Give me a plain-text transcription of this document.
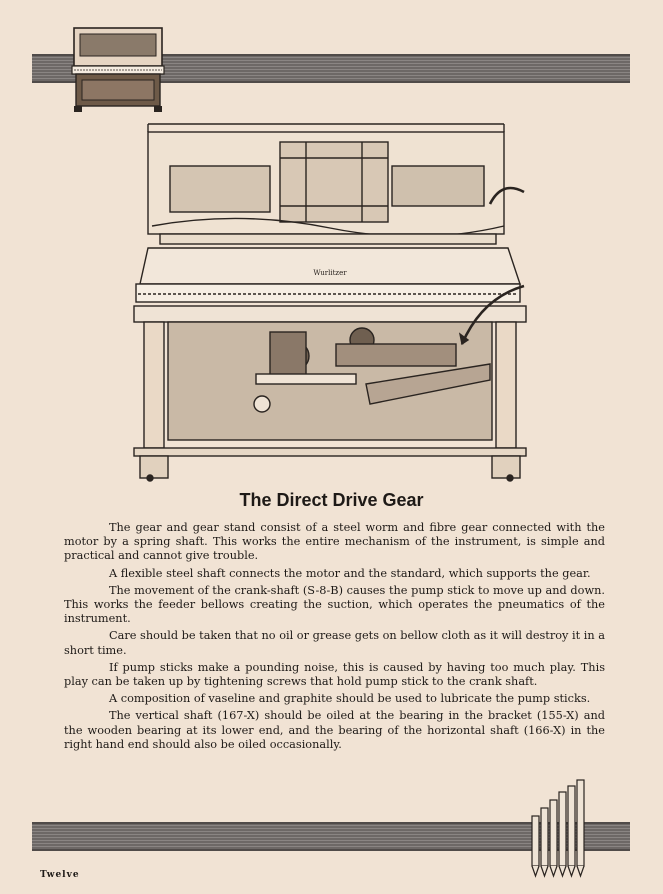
Wurlitzer
The Direct Drive Gear

The gear and gear stand consist of a steel worm and fibre gear connected with the motor by a spring shaft. This works the entire mechanism of the instrument, is simple and practical and cannot give trouble.

A flexible steel shaft connects the motor and the standard, which supports the gear.

The movement of the crank-shaft (S-8-B) causes the pump stick to move up and down. This works the feeder bellows creating the suction, which operates the pneumatics of the instrument.

Care should be taken that no oil or grease gets on bellow cloth as it will destroy it in a short time.

If pump sticks make a pounding noise, this is caused by having too much play. This play can be taken up by tightening screws that hold pump stick to the crank shaft.

A composition of vaseline and graphite should be used to lubricate the pump sticks.

The vertical shaft (167-X) should be oiled at the bearing in the bracket (155-X) and the wooden bearing at its lower end, and the bearing of the horizontal shaft (166-X) in the right hand end should also be oiled occasionally.

Twelve
